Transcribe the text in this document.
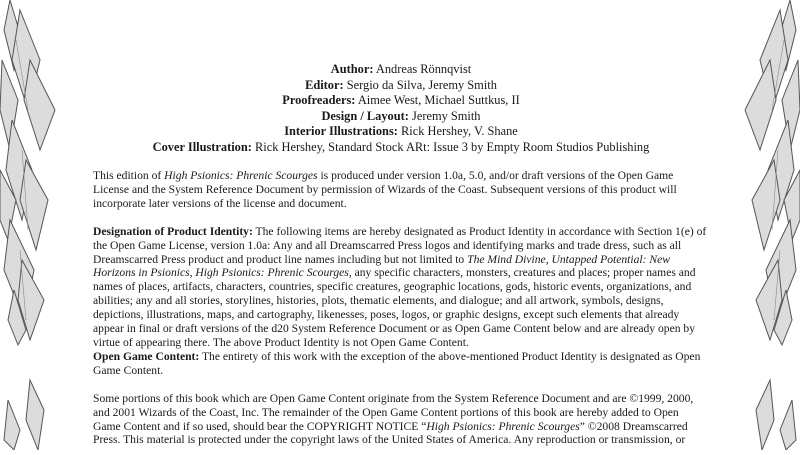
Author: Andreas Rönnqvist
Editor: Sergio da Silva, Jeremy Smith
Proofreaders: Aimee West, Michael Suttkus, II
Design / Layout: Jeremy Smith
Interior Illustrations: Rick Hershey, V. Shane
Cover Illustration: Rick Hershey, Standard Stock ARt: Issue 3 by Empty Room Studios Publishing

This edition of High Psionics: Phrenic Scourges is produced under version 1.0a, 5.0, and/or draft versions of the Open Game License and the System Reference Document by permission of Wizards of the Coast. Subsequent versions of this product will incorporate later versions of the license and document.

Designation of Product Identity: The following items are hereby designated as Product Identity in accordance with Section 1(e) of the Open Game License, version 1.0a: Any and all Dreamscarred Press logos and identifying marks and trade dress, such as all Dreamscarred Press product and product line names including but not limited to The Mind Divine, Untapped Potential: New Horizons in Psionics, High Psionics: Phrenic Scourges, any specific characters, monsters, creatures and places; proper names and names of places, artifacts, characters, countries, specific creatures, geographic locations, gods, historic events, organizations, and abilities; any and all stories, storylines, histories, plots, thematic elements, and dialogue; and all artwork, symbols, designs, depictions, illustrations, maps, and cartography, likenesses, poses, logos, or graphic designs, except such elements that already appear in final or draft versions of the d20 System Reference Document or as Open Game Content below and are already open by virtue of appearing there. The above Product Identity is not Open Game Content.

Open Game Content: The entirety of this work with the exception of the above-mentioned Product Identity is designated as Open Game Content.

Some portions of this book which are Open Game Content originate from the System Reference Document and are ©1999, 2000, and 2001 Wizards of the Coast, Inc. The remainder of the Open Game Content portions of this book are hereby added to Open Game Content and if so used, should bear the COPYRIGHT NOTICE “High Psionics: Phrenic Scourges” ©2008 Dreamscarred Press. This material is protected under the copyright laws of the United States of America. Any reproduction or transmission, or
